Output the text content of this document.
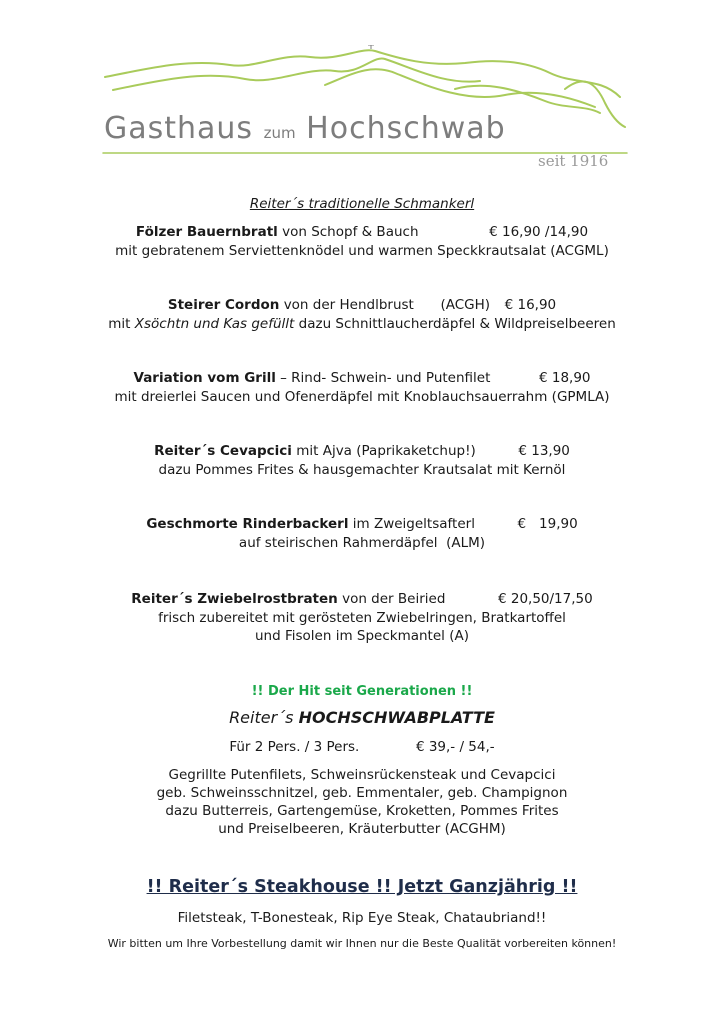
Gasthaus zum Hochschwab
seit 1916
Reiter´s traditionelle Schmankerl
Fölzer Bauernbratl von Schopf & Bauch	€ 16,90 /14,90
mit gebratenem Serviettenknödel und warmen Speckkrautsalat (ACGML)
Steirer Cordon von der Hendlbrust (ACGH) € 16,90
mit Xsöchtn und Kas gefüllt dazu Schnittlaucherdäpfel & Wildpreiselbeeren
Variation vom Grill – Rind- Schwein- und Putenfilet	€ 18,90
mit dreierlei Saucen und Ofenerdäpfel mit Knoblauchsauerrahm (GPMLA)
Reiter´s Cevapcici mit Ajva (Paprikaketchup!)	€ 13,90
dazu Pommes Frites & hausgemachter Krautsalat mit Kernöl
Geschmorte Rinderbackerl im Zweigeltsafterl	€   19,90
auf steirischen Rahmerdäpfel  (ALM)
Reiter´s Zwiebelrostbraten von der Beiried	€ 20,50/17,50
frisch zubereitet mit gerösteten Zwiebelringen, Bratkartoffel
und Fisolen im Speckmantel (A)
!! Der Hit seit Generationen !!
Reiter´s HOCHSCHWABPLATTE
Für 2 Pers. / 3 Pers.	€ 39,- / 54,-
Gegrillte Putenfilets, Schweinsrückensteak und Cevapcici
geb. Schweinsschnitzel, geb. Emmentaler, geb. Champignon
dazu Butterreis, Gartengemüse, Kroketten, Pommes Frites
und Preiselbeeren, Kräuterbutter (ACGHM)
!! Reiter´s Steakhouse !! Jetzt Ganzjährig !!
Filetsteak, T-Bonesteak, Rip Eye Steak, Chataubriand!!
Wir bitten um Ihre Vorbestellung damit wir Ihnen nur die Beste Qualität vorbereiten können!
